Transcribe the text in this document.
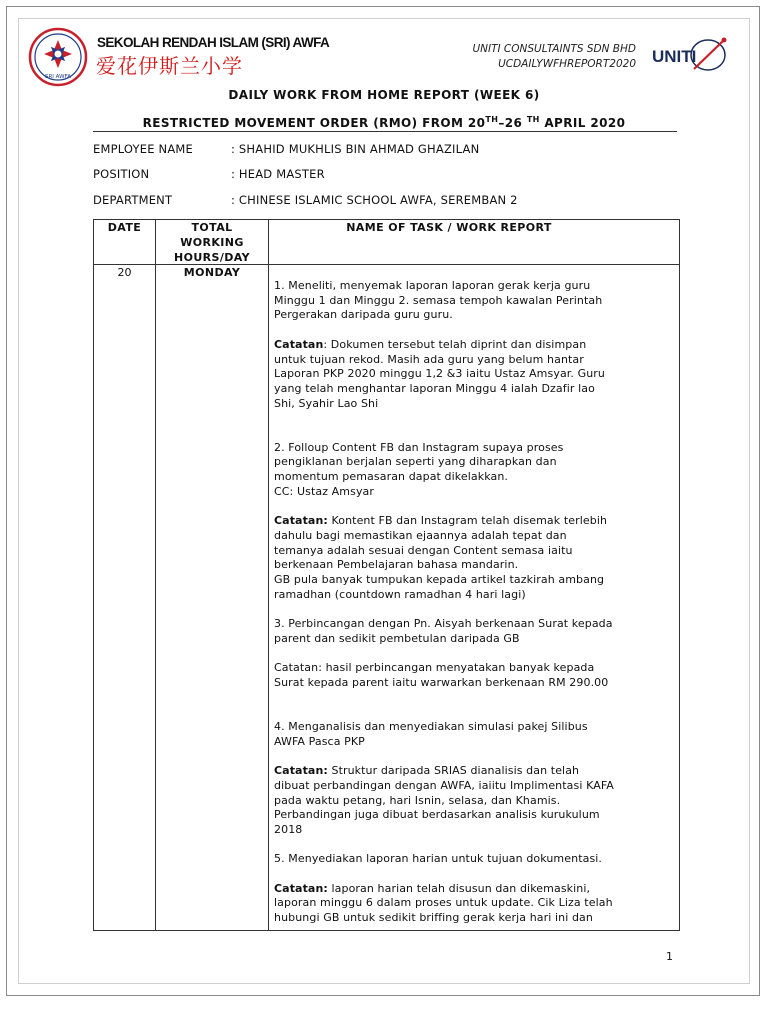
SRI AWFA
SEKOLAH RENDAH ISLAM (SRI) AWFA
爱花伊斯兰小学
UNITI CONSULTAINTS SDN BHD
UCDAILYWFHREPORT2020 UNITI
DAILY WORK FROM HOME REPORT (WEEK 6)
RESTRICTED MOVEMENT ORDER (RMO) FROM 20TH–26 $^{TH}$ APRIL 2020
EMPLOYEE NAME	: SHAHID MUKHLIS BIN AHMAD GHAZILAN
POSITION	: HEAD MASTER
DEPARTMENT	: CHINESE ISLAMIC SCHOOL AWFA, SEREMBAN 2
DATE	TOTAL
WORKING
HOURS/DAY
NAME OF TASK / WORK REPORT
20	MONDAY

1. Meneliti, menyemak laporan laporan gerak kerja guru
Minggu 1 dan Minggu 2. semasa tempoh kawalan Perintah
Pergerakan daripada guru guru.

Catatan: Dokumen tersebut telah diprint dan disimpan
untuk tujuan rekod. Masih ada guru yang belum hantar
Laporan PKP 2020 minggu 1,2 &3 iaitu Ustaz Amsyar. Guru
yang telah menghantar laporan Minggu 4 ialah Dzafir lao
Shi, Syahir Lao Shi

2. Folloup Content FB dan Instagram supaya proses
pengiklanan berjalan seperti yang diharapkan dan
momentum pemasaran dapat dikelakkan.
CC: Ustaz Amsyar

Catatan: Kontent FB dan Instagram telah disemak terlebih
dahulu bagi memastikan ejaannya adalah tepat dan
temanya adalah sesuai dengan Content semasa iaitu
berkenaan Pembelajaran bahasa mandarin.
GB pula banyak tumpukan kepada artikel tazkirah ambang
ramadhan (countdown ramadhan 4 hari lagi)

3. Perbincangan dengan Pn. Aisyah berkenaan Surat kepada
parent dan sedikit pembetulan daripada GB

Catatan: hasil perbincangan menyatakan banyak kepada
Surat kepada parent iaitu warwarkan berkenaan RM 290.00

4. Menganalisis dan menyediakan simulasi pakej Silibus
AWFA Pasca PKP

Catatan: Struktur daripada SRIAS dianalisis dan telah
dibuat perbandingan dengan AWFA, iaiitu Implimentasi KAFA
pada waktu petang, hari Isnin, selasa, dan Khamis.
Perbandingan juga dibuat berdasarkan analisis kurukulum
2018

5. Menyediakan laporan harian untuk tujuan dokumentasi.

Catatan: laporan harian telah disusun dan dikemaskini,
laporan minggu 6 dalam proses untuk update. Cik Liza telah
hubungi GB untuk sedikit briffing gerak kerja hari ini dan

1
